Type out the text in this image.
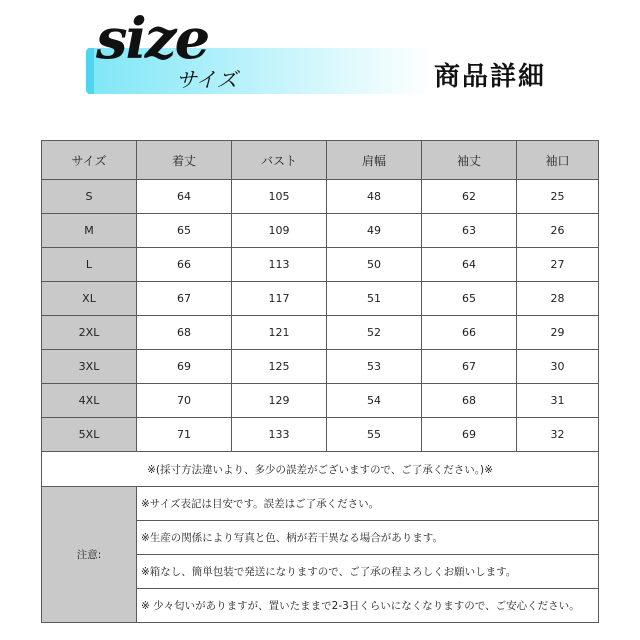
size
サイズ	商品詳細
サイズ	着丈	バスト	肩幅	袖丈	袖口
S	64	105	48	62	25
M	65	109	49	63	26
L	66	113	50	64	27
XL	67	117	51	65	28
2XL	68	121	52	66	29
3XL	69	125	53	67	30
4XL	70	129	54	68	31
5XL	71	133	55	69	32
※(採寸方法違いより、多少の誤差がございますので、ご了承ください。)※					
注意:	※サイズ表記は目安です。誤差はご了承ください。				
	※生産の関係により写真と色、柄が若干異なる場合があります。				
	※箱なし、簡単包装で発送になりますので、ご了承の程よろしくお願いします。				
	※ 少々匂いがありますが、置いたままで2-3日くらいになくなりますので、ご安心ください。				
